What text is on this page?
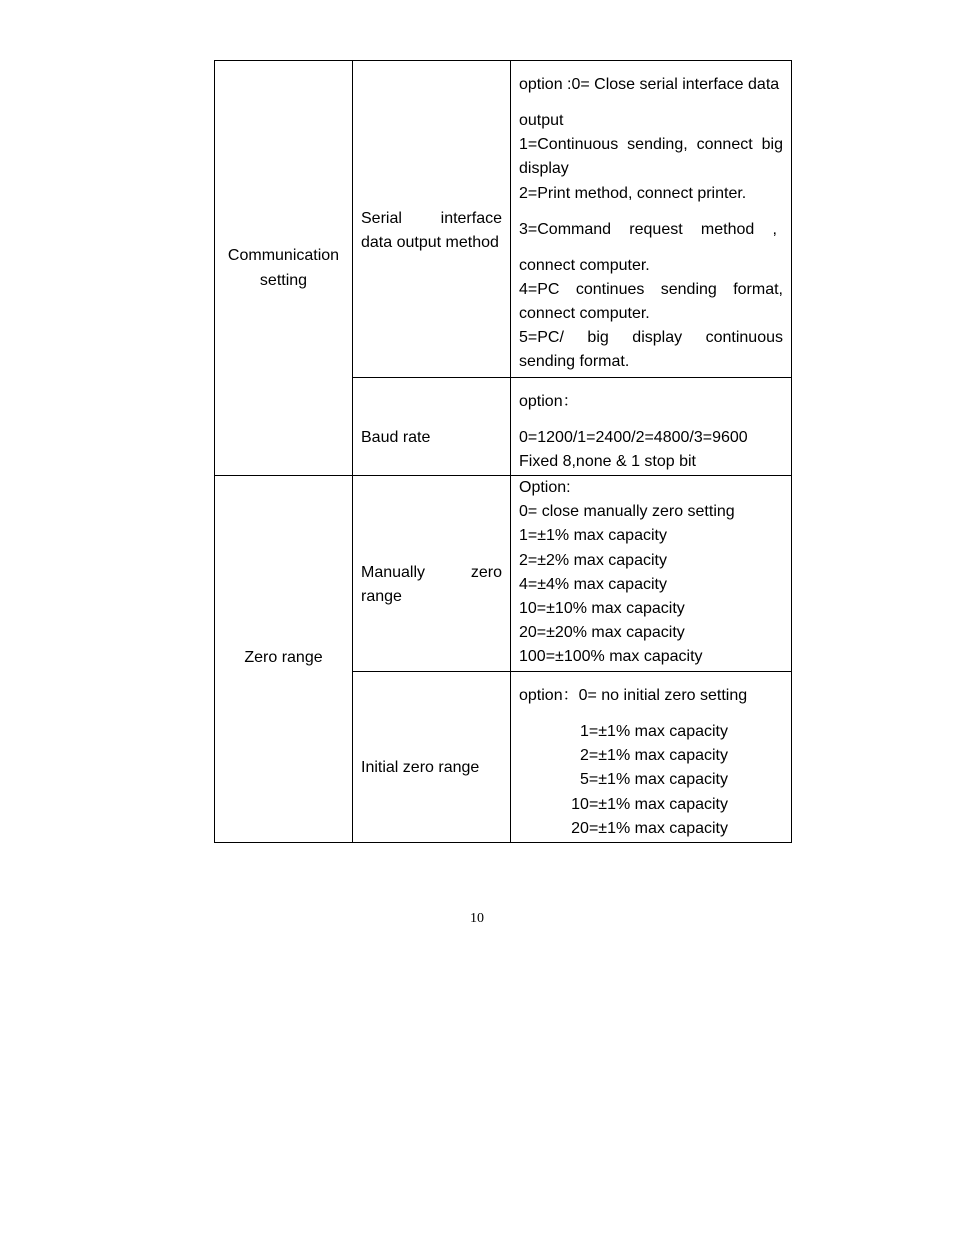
Communication
setting
Serial interface
data output method
option :0= Close serial interface data
output
1=Continuous sending, connect big
display
2=Print method, connect printer.
3=Command request method ,
connect computer.
4=PC continues sending format,
connect computer.
5=PC/ big display continuous
sending format.
Baud rate
option：
0=1200/1=2400/2=4800/3=9600
Fixed 8,none & 1 stop bit
Zero range
Manually zero
range
Option:
0= close manually zero setting
1=±1% max capacity
2=±2% max capacity
4=±4% max capacity
10=±10% max capacity
20=±20% max capacity
100=±100% max capacity
Initial zero range
option：0= no initial zero setting
1=±1% max capacity
2=±1% max capacity
5=±1% max capacity
10=±1% max capacity
20=±1% max capacity
10
